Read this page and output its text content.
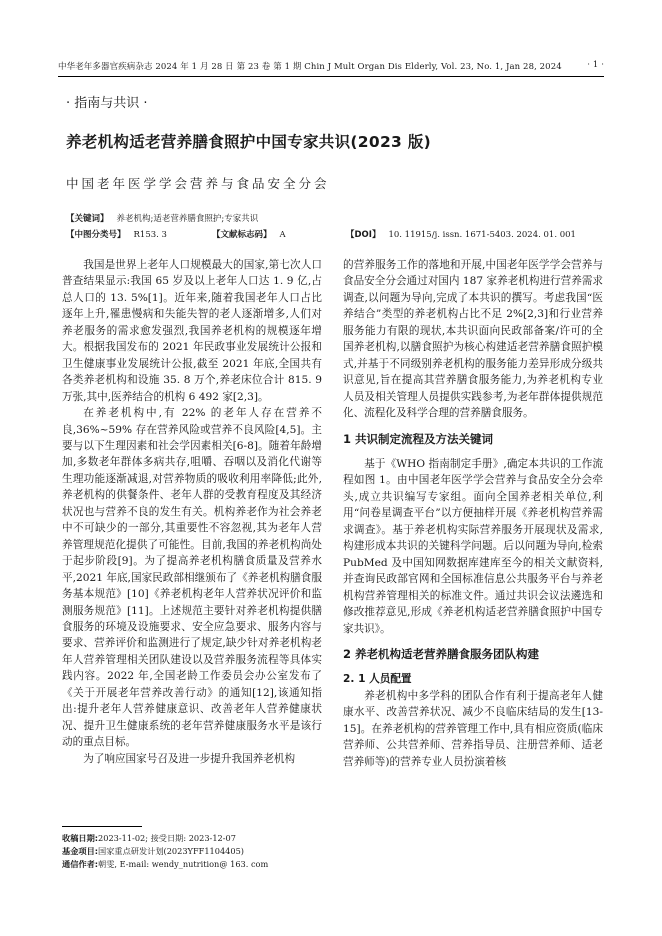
中华老年多器官疾病杂志 2024 年 1 月 28 日 第 23 卷 第 1 期 Chin J Mult Organ Dis Elderly, Vol. 23, No. 1, Jan 28, 2024	· 1 ·
· 指南与共识 ·
养老机构适老营养膳食照护中国专家共识(2023 版)
中国老年医学学会营养与食品安全分会
【关键词】 养老机构;适老营养膳食照护;专家共识
【中图分类号】 R153. 3	【文献标志码】 A	【DOI】 10. 11915/j. issn. 1671-5403. 2024. 01. 001

我国是世界上老年人口规模最大的国家,第七次人口普查结果显示:我国 65 岁及以上老年人口达 1. 9 亿,占总人口的 13. 5%[1]。近年来,随着我国老年人口占比逐年上升,罹患慢病和失能失智的老人逐渐增多,人们对养老服务的需求愈发强烈,我国养老机构的规模逐年增大。根据我国发布的 2021 年民政事业发展统计公报和卫生健康事业发展统计公报,截至 2021 年底,全国共有各类养老机构和设施 35. 8 万个,养老床位合计 815. 9 万张,其中,医养结合的机构 6 492 家[2,3]。

在养老机构中,有 22% 的老年人存在营养不良,36%~59% 存在营养风险或营养不良风险[4,5]。主要与以下生理因素和社会学因素相关[6-8]。随着年龄增加,多数老年群体多病共存,咀嚼、吞咽以及消化代谢等生理功能逐渐减退,对营养物质的吸收利用率降低;此外,养老机构的供餐条件、老年人群的受教育程度及其经济状况也与营养不良的发生有关。机构养老作为社会养老中不可缺少的一部分,其重要性不容忽视,其为老年人营养管理规范化提供了可能性。目前,我国的养老机构尚处于起步阶段[9]。为了提高养老机构膳食质量及营养水平,2021 年底,国家民政部相继颁布了《养老机构膳食服务基本规范》[10]《养老机构老年人营养状况评价和监测服务规范》[11]。上述规范主要针对养老机构提供膳食服务的环境及设施要求、安全应急要求、服务内容与要求、营养评价和监测进行了规定,缺少针对养老机构老年人营养管理相关团队建设以及营养服务流程等具体实践内容。2022 年,全国老龄工作委员会办公室发布了《关于开展老年营养改善行动》的通知[12],该通知指出:提升老年人营养健康意识、改善老年人营养健康状况、提升卫生健康系统的老年营养健康服务水平是该行动的重点目标。

为了响应国家号召及进一步提升我国养老机构

的营养服务工作的落地和开展,中国老年医学学会营养与食品安全分会通过对国内 187 家养老机构进行营养需求调查,以问题为导向,完成了本共识的撰写。考虑我国“医养结合”类型的养老机构占比不足 2%[2,3]和行业营养服务能力有限的现状,本共识面向民政部备案/许可的全国养老机构,以膳食照护为核心构建适老营养膳食照护模式,并基于不同级别养老机构的服务能力差异形成分级共识意见,旨在提高其营养膳食服务能力,为养老机构专业人员及相关管理人员提供实践参考,为老年群体提供规范化、流程化及科学合理的营养膳食服务。

1 共识制定流程及方法关键词

基于《WHO 指南制定手册》,确定本共识的工作流程如图 1。由中国老年医学学会营养与食品安全分会牵头,成立共识编写专家组。面向全国养老相关单位,利用“问卷星调查平台”以方便抽样开展《养老机构营养需求调查》。基于养老机构实际营养服务开展现状及需求,构建形成本共识的关键科学问题。后以问题为导向,检索 PubMed 及中国知网数据库建库至今的相关文献资料,并查询民政部官网和全国标准信息公共服务平台与养老机构营养管理相关的标准文件。通过共识会议法遴选和修改推荐意见,形成《养老机构适老营养膳食照护中国专家共识》。

2 养老机构适老营养膳食服务团队构建

2. 1 人员配置

养老机构中多学科的团队合作有利于提高老年人健康水平、改善营养状况、减少不良临床结局的发生[13-15]。在养老机构的营养管理工作中,具有相应资质(临床营养师、公共营养师、营养指导员、注册营养师、适老营养师等)的营养专业人员扮演着核

收稿日期:2023-11-02; 接受日期: 2023-12-07
基金项目:国家重点研发计划(2023YFF1104405)
通信作者:朝雯, E-mail: wendy_nutrition@ 163. com
